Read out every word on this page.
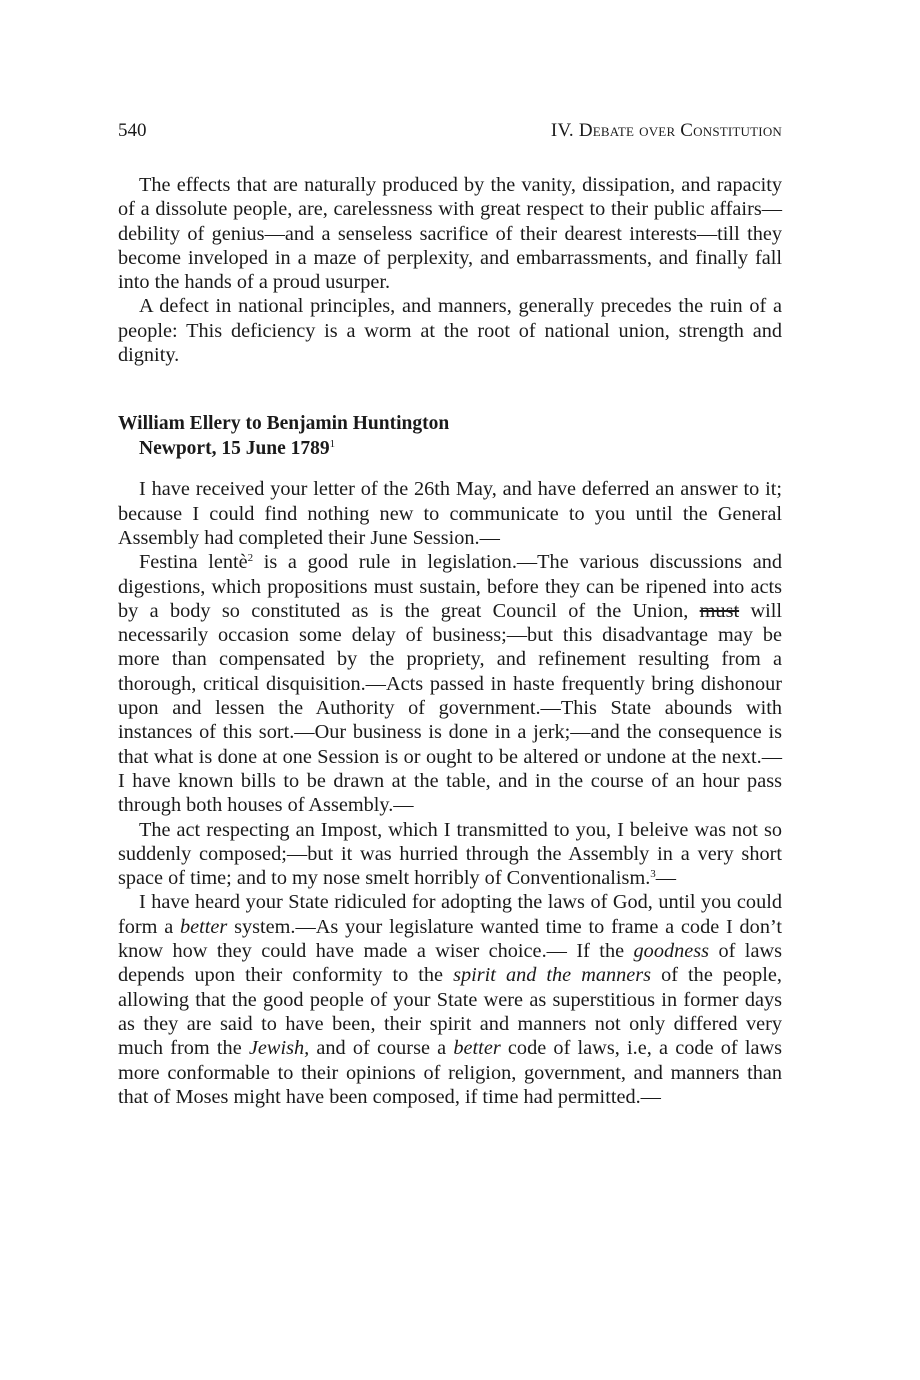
540	IV. Debate over Constitution

The effects that are naturally produced by the vanity, dissipation, and rapacity of a dissolute people, are, carelessness with great respect to their public affairs—debility of genius—and a senseless sacrifice of their dearest interests—till they become inveloped in a maze of perplexity, and embarrassments, and finally fall into the hands of a proud usurper.

A defect in national principles, and manners, generally precedes the ruin of a people: This deficiency is a worm at the root of national union, strength and dignity.

William Ellery to Benjamin Huntington
Newport, 15 June 1789$^1$

I have received your letter of the 26th May, and have deferred an answer to it; because I could find nothing new to communicate to you until the General Assembly had completed their June Session.—

Festina lentè$^2$ is a good rule in legislation.—The various discussions and digestions, which propositions must sustain, before they can be ripened into acts by a body so constituted as is the great Council of the Union, must will necessarily occasion some delay of business;—but this disadvantage may be more than compensated by the propriety, and refinement resulting from a thorough, critical disquisition.—Acts passed in haste frequently bring dishonour upon and lessen the Authority of government.—This State abounds with instances of this sort.—Our business is done in a jerk;—and the consequence is that what is done at one Session is or ought to be altered or undone at the next.—I have known bills to be drawn at the table, and in the course of an hour pass through both houses of Assembly.—

The act respecting an Impost, which I transmitted to you, I beleive was not so suddenly composed;—but it was hurried through the Assembly in a very short space of time; and to my nose smelt horribly of Conventionalism.$^3$—

I have heard your State ridiculed for adopting the laws of God, until you could form a better system.—As your legislature wanted time to frame a code I don’t know how they could have made a wiser choice.— If the goodness of laws depends upon their conformity to the spirit and the manners of the people, allowing that the good people of your State were as superstitious in former days as they are said to have been, their spirit and manners not only differed very much from the Jewish, and of course a better code of laws, i.e, a code of laws more conformable to their opinions of religion, government, and manners than that of Moses might have been composed, if time had permitted.—
